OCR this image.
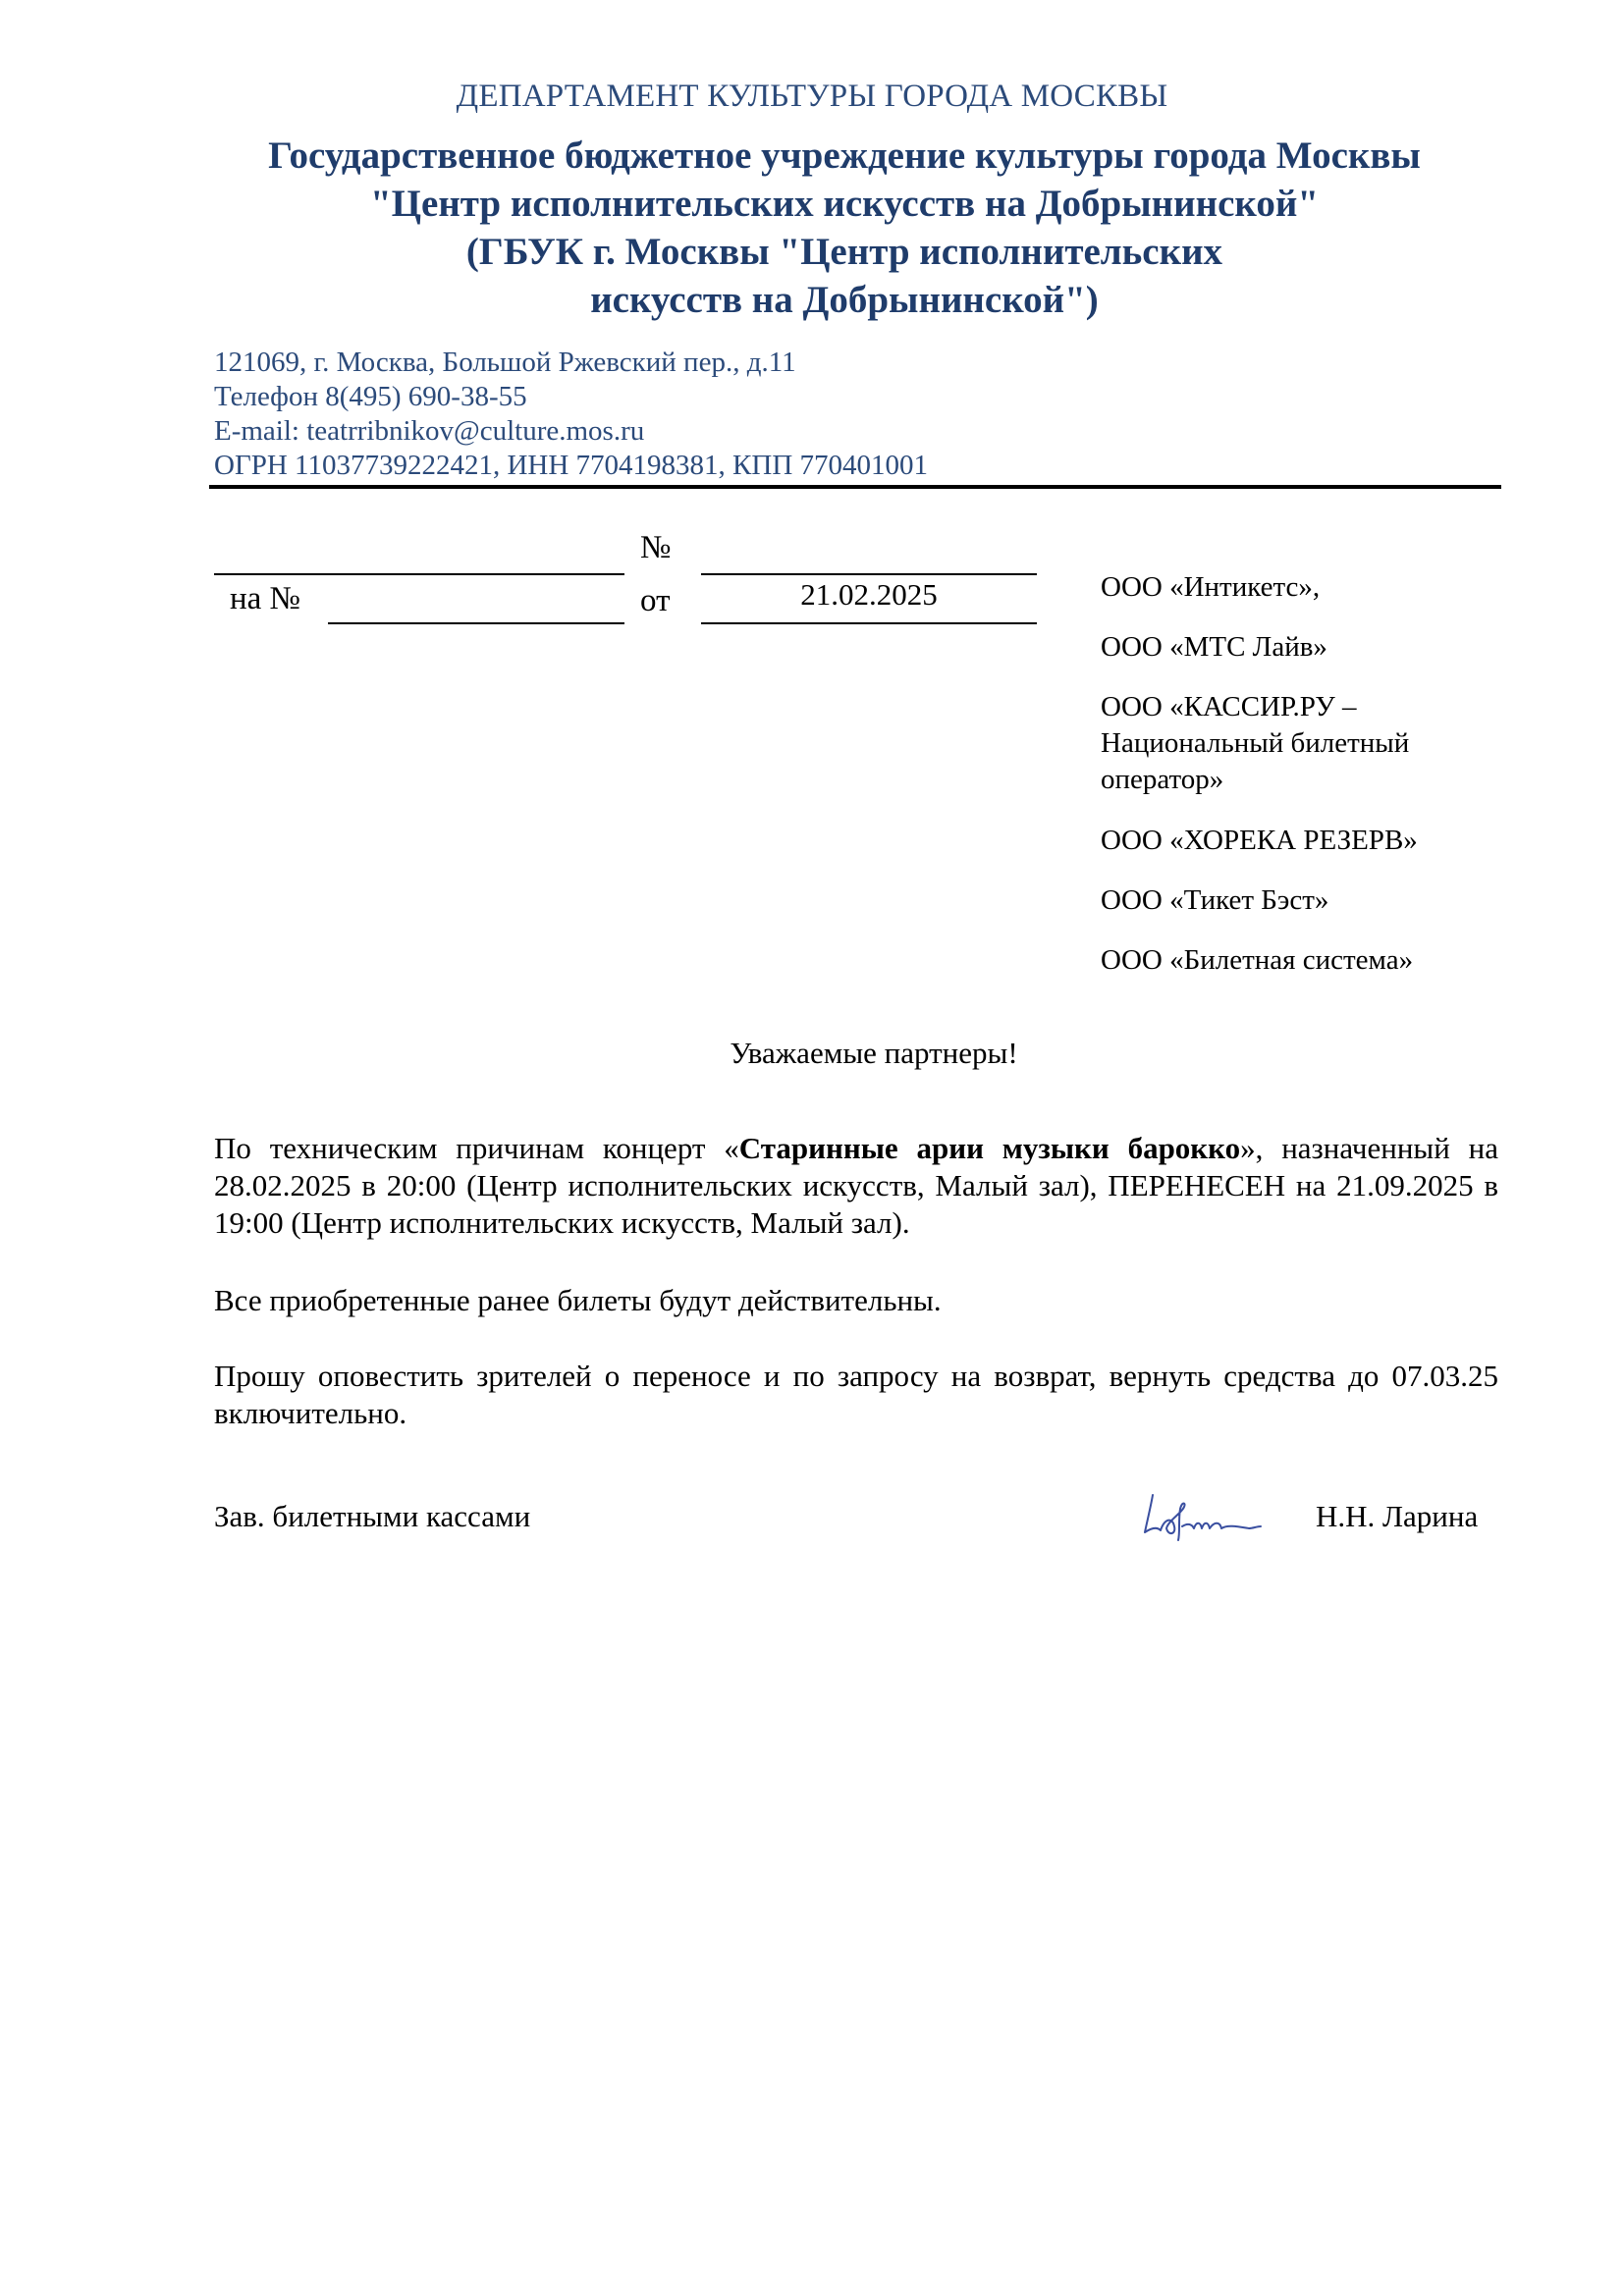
ДЕПАРТАМЕНТ КУЛЬТУРЫ ГОРОДА МОСКВЫ
Государственное бюджетное учреждение культуры города Москвы
"Центр исполнительских искусств на Добрынинской"
(ГБУК г. Москвы "Центр исполнительских
искусств на Добрынинской")
121069, г. Москва, Большой Ржевский пер., д.11
Телефон 8(495) 690-38-55
E-mail: teatrribnikov@culture.mos.ru
ОГРН 11037739222421, ИНН 7704198381, КПП 770401001
№
на №	от	21.02.2025	ООО «Интикетс»,
ООО «МТС Лайв»
ООО «КАССИР.РУ – Национальный билетный оператор»
ООО «ХОРЕКА РЕЗЕРВ»
ООО «Тикет Бэст»
ООО «Билетная система»
Уважаемые партнеры!
По техническим причинам концерт «Старинные арии музыки барокко», назначенный на 28.02.2025 в 20:00 (Центр исполнительских искусств, Малый зал), ПЕРЕНЕСЕН на 21.09.2025 в 19:00 (Центр исполнительских искусств, Малый зал).
Все приобретенные ранее билеты будут действительны.
Прошу оповестить зрителей о переносе и по запросу на возврат, вернуть средства до 07.03.25 включительно.
Зав. билетными кассами	Н.Н. Ларина
